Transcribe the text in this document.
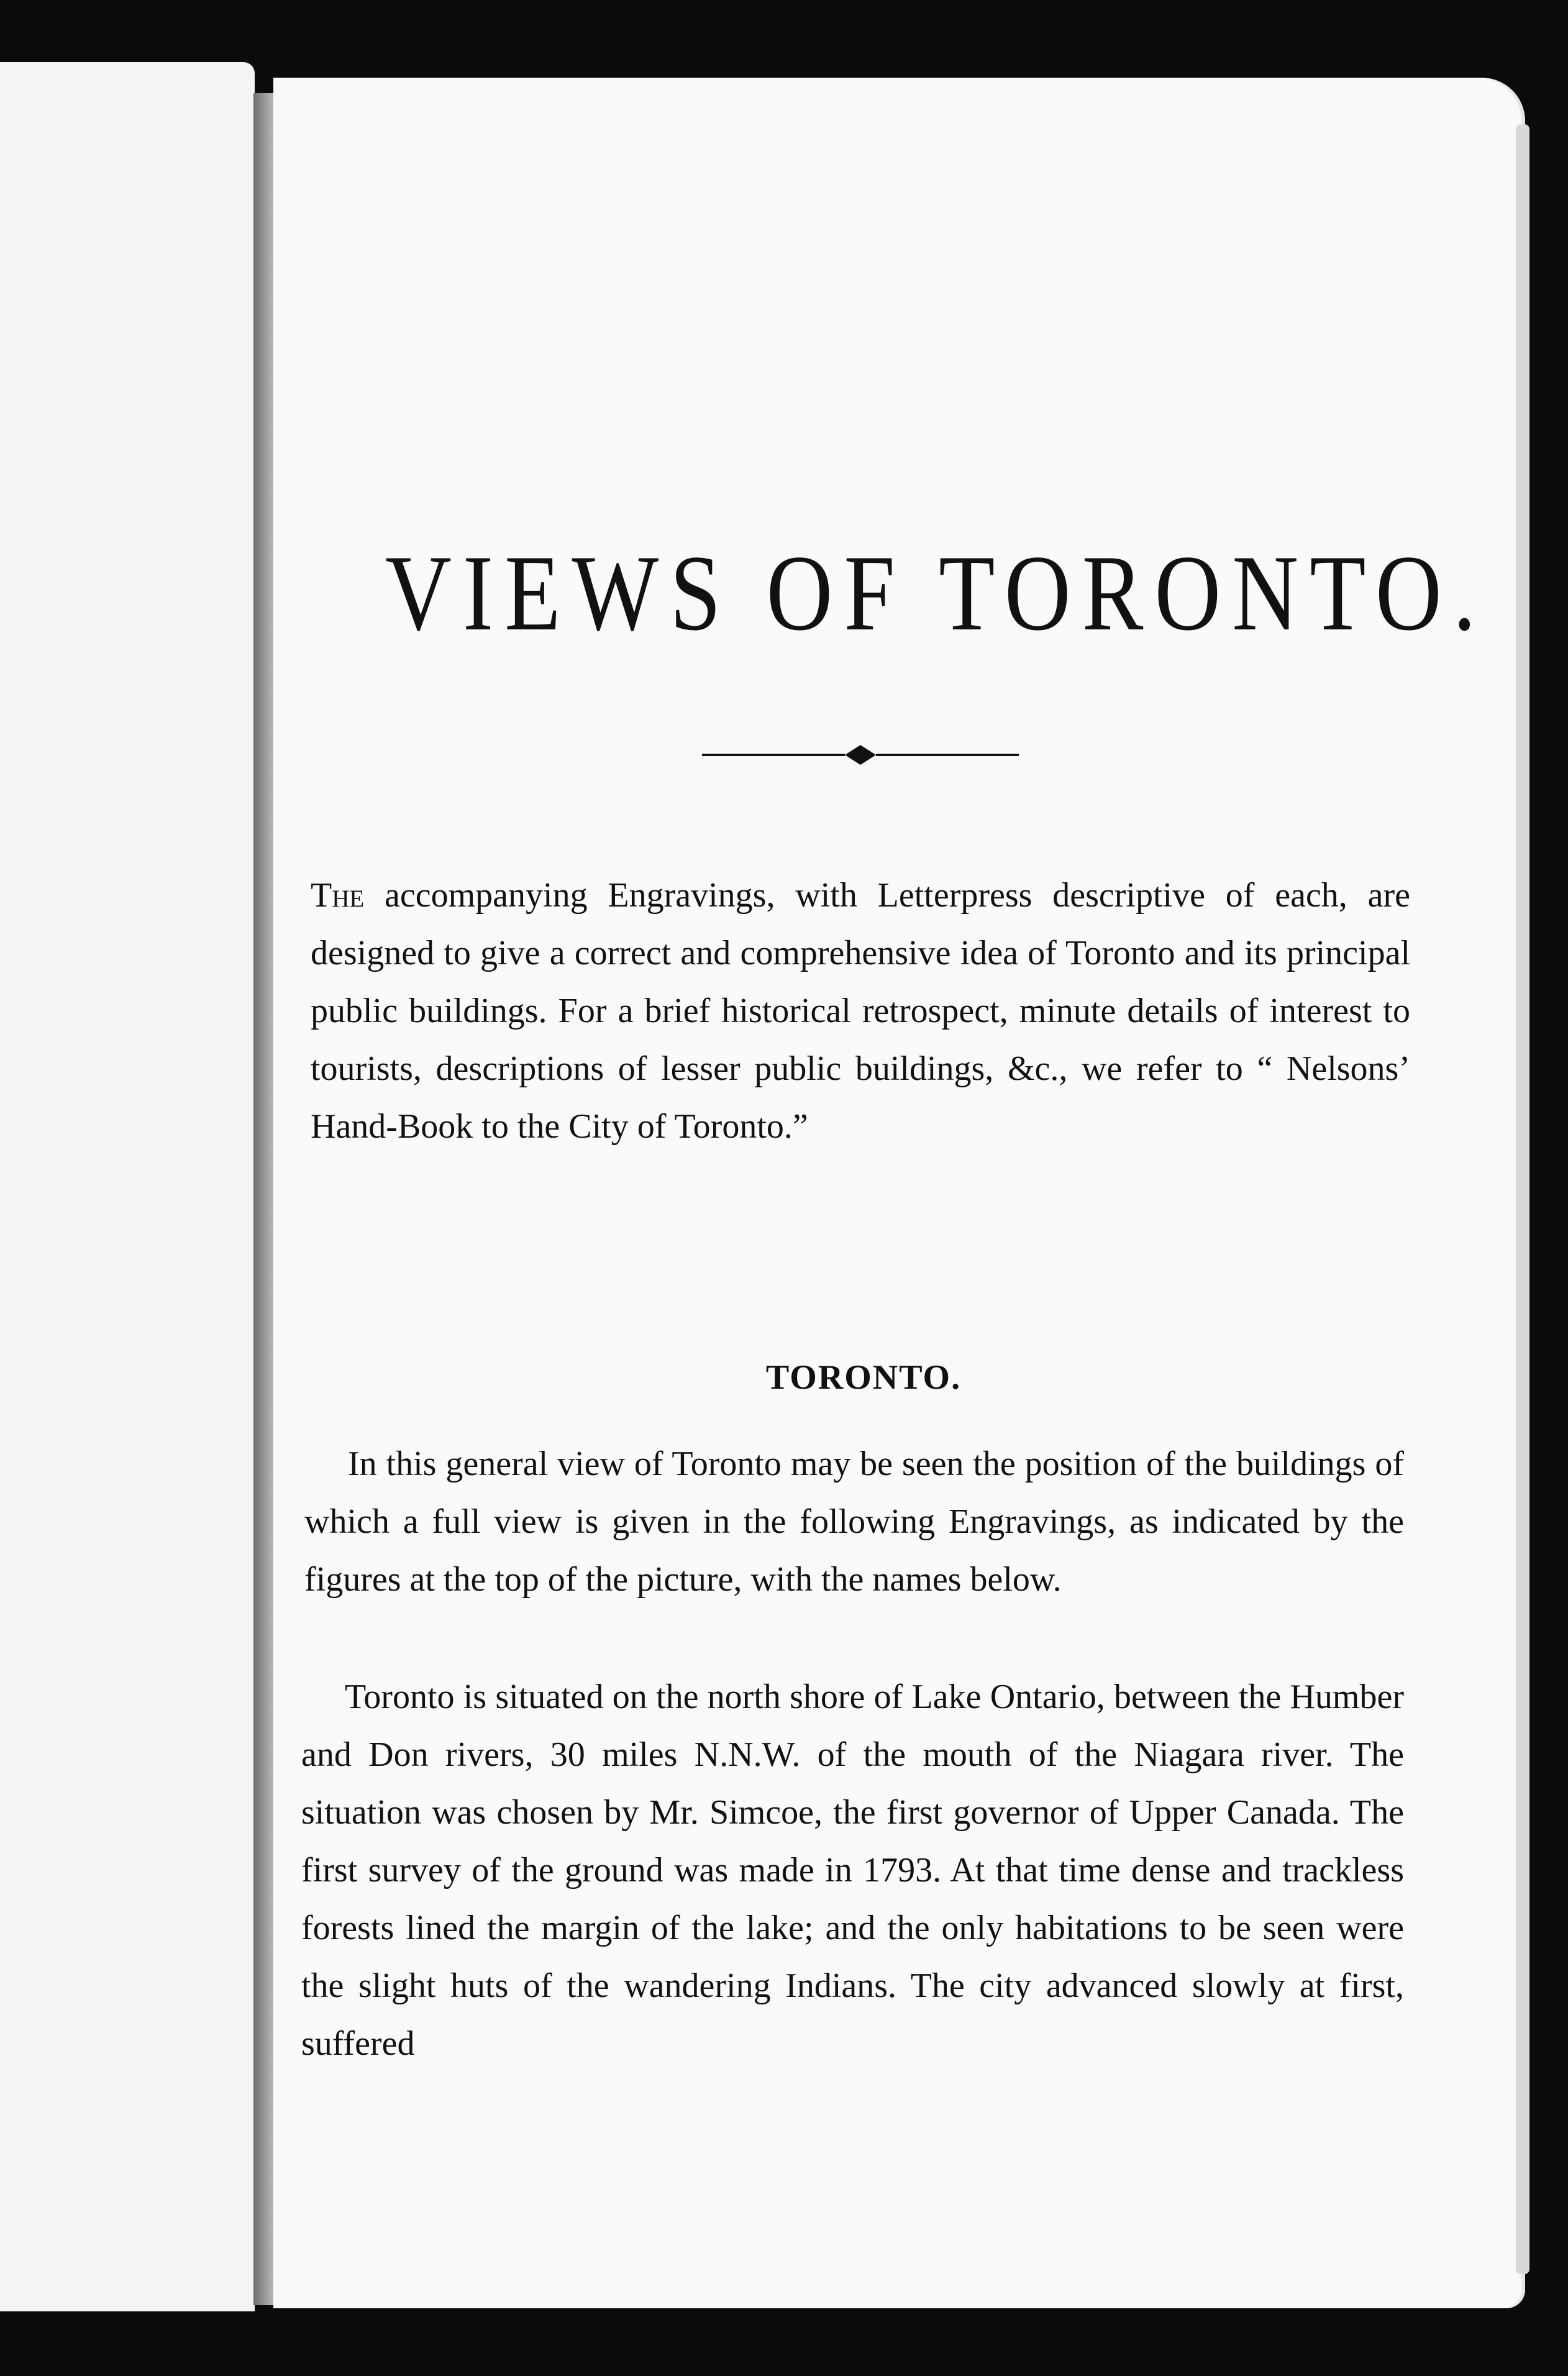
VIEWS OF TORONTO.

The accompanying Engravings, with Letterpress descriptive of each, are designed to give a correct and comprehensive idea of Toronto and its principal public buildings. For a brief historical retrospect, minute details of interest to tourists, descriptions of lesser public buildings, &c., we refer to “ Nelsons’ Hand-Book to the City of Toronto.”

TORONTO.

In this general view of Toronto may be seen the position of the buildings of which a full view is given in the following Engravings, as indicated by the figures at the top of the picture, with the names below.

Toronto is situated on the north shore of Lake Ontario, between the Humber and Don rivers, 30 miles N.N.W. of the mouth of the Niagara river. The situation was chosen by Mr. Simcoe, the first governor of Upper Canada. The first survey of the ground was made in 1793. At that time dense and trackless forests lined the margin of the lake; and the only habitations to be seen were the slight huts of the wandering Indians. The city advanced slowly at first, suffered
